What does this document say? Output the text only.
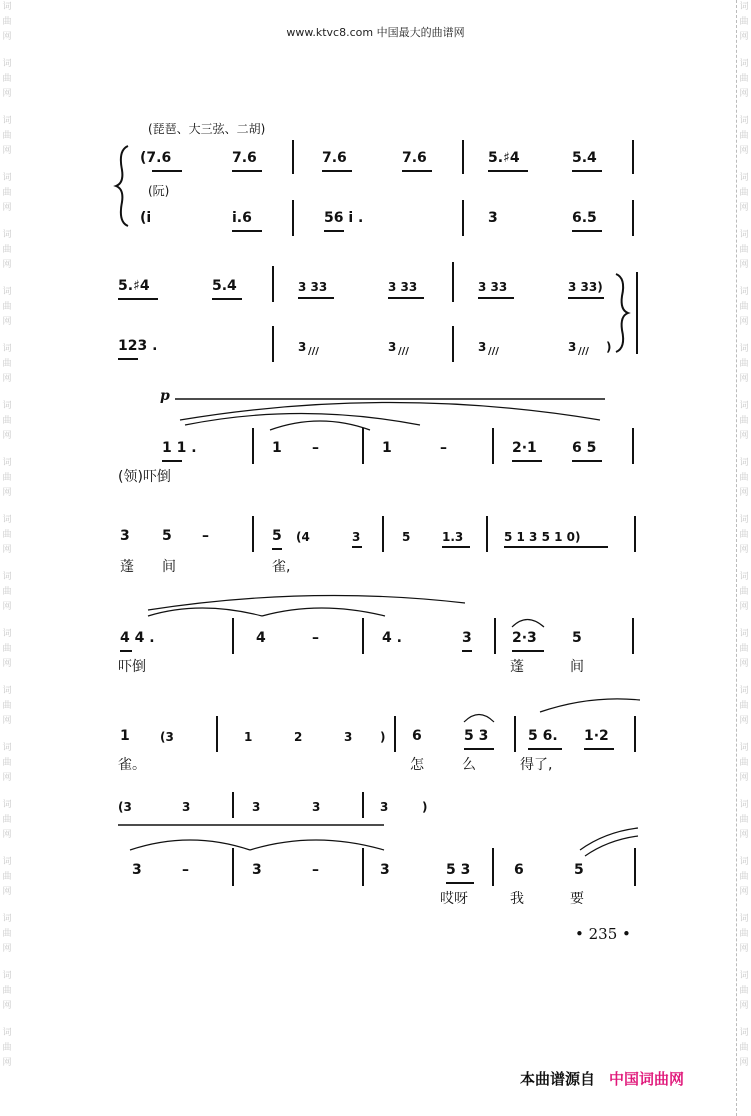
词
曲
网
词
曲
网
词
曲
网
词
曲
网
词
曲
网
词
曲
网
词
曲
网
词
曲
网
词
曲
网
词
曲
网
词
曲
网
词
曲
网
词
曲
网
词
曲
网
词
曲
网
词
曲
网
词
曲
网
词
曲
网
词
曲
网
词
曲
网
词
曲
网
词
曲
网
词
曲
网
词
曲
网
词
曲
网
词
曲
网
词
曲
网
词
曲
网
词
曲
网
词
曲
网
词
曲
网
词
曲
网
词
曲
网
词
曲
网
词
曲
网
词
曲
网
词
曲
网
词
曲
网
www.ktvc8.com 中国最大的曲谱网
(琵琶、大三弦、二胡)
(7.6	7.6	7.6	7.6	5.♯4	5.4
(阮)
(i	i.6	56 i .	3	6.5
5.♯4	5.4	3 33	3 33	3 33	3 33)
123 .	3 ///	3 ///	3 ///	3 /// )
p
1 1 .	1 –	1	–	2·1	6 5
(领)吓倒
3 5 –	5 (4	3	5	1.3	5 1 3 5 1 0)
蓬 间	雀,
4 4 .	4	–	4 .	3	2·3	5
吓倒	蓬	间
1	(3	1	2	3 ) 6	5 3	5 6. 1·2
雀。	怎	么	得了,
(3	3	3	3	3	)
3	–	3	–	3	5 3	6	5
哎呀	我	要
• 235 •
本曲谱源自 中国词曲网
